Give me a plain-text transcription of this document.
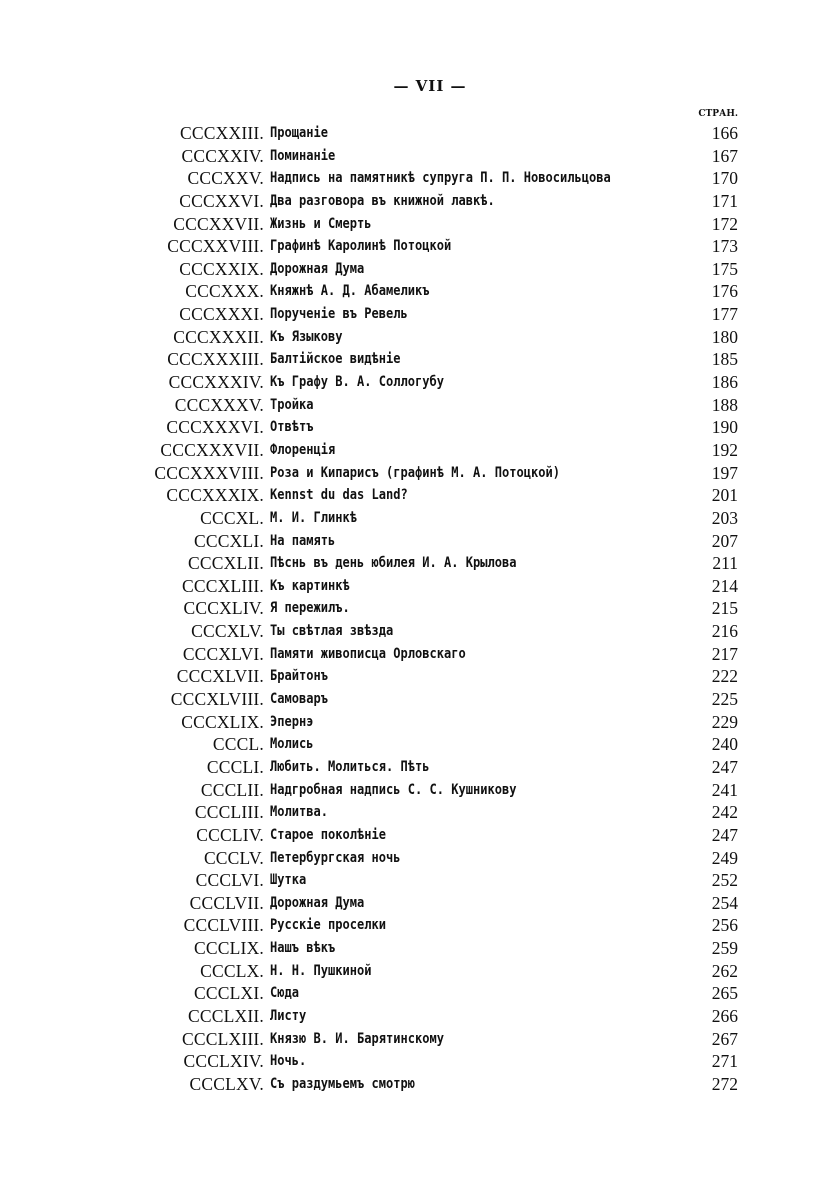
— VII —
СТРАН.
CCCXXIII. Прощаніе	166
CCCXXIV. Поминаніе	167
CCCXXV. Надпись на памятникѣ супруга П. П. Новосильцова	170
CCCXXVI. Два разговора въ книжной лавкѣ.	171
CCCXXVII. Жизнь и Смерть	172
CCCXXVIII. Графинѣ Каролинѣ Потоцкой	173
CCCXXIX. Дорожная Дума	175
CCCXXX. Княжнѣ А. Д. Абамеликъ	176
CCCXXXI. Порученіе въ Ревель	177
CCCXXXII. Къ Языкову	180
CCCXXXIII. Балтійское видѣніе	185
CCCXXXIV. Къ Графу В. А. Соллогубу	186
CCCXXXV. Тройка	188
CCCXXXVI. Отвѣтъ	190
CCCXXXVII. Флоренція	192
CCCXXXVIII. Роза и Кипарисъ (графинѣ М. А. Потоцкой)	197
CCCXXXIX. Kennst du das Land?	201
CCCXL. М. И. Глинкѣ	203
CCCXLI. На память	207
CCCXLII. Пѣснь въ день юбилея И. А. Крылова	211
CCCXLIII. Къ картинкѣ	214
CCCXLIV. Я пережилъ.	215
CCCXLV. Ты свѣтлая звѣзда	216
CCCXLVI. Памяти живописца Орловскаго	217
CCCXLVII. Брайтонъ	222
CCCXLVIII. Самоваръ	225
CCCXLIX. Эпернэ	229
CCCL. Молись	240
CCCLI. Любить. Молиться. Пѣть	247
CCCLII. Надгробная надпись С. С. Кушникову	241
CCCLIII. Молитва.	242
CCCLIV. Старое поколѣніе	247
CCCLV. Петербургская ночь	249
CCCLVI. Шутка	252
CCCLVII. Дорожная Дума	254
CCCLVIII. Русскіе проселки	256
CCCLIX. Нашъ вѣкъ	259
CCCLX. Н. Н. Пушкиной	262
CCCLXI. Сюда	265
CCCLXII. Листу	266
CCCLXIII. Князю В. И. Барятинскому	267
CCCLXIV. Ночь.	271
CCCLXV. Съ раздумьемъ смотрю	272
